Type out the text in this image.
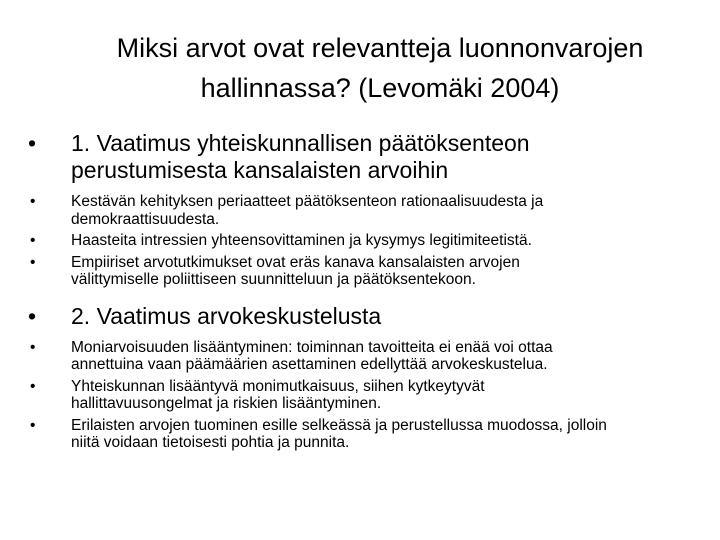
Miksi arvot ovat relevantteja luonnonvarojen
hallinnassa? (Levomäki 2004)
• 1. Vaatimus yhteiskunnallisen päätöksenteon
perustumisesta kansalaisten arvoihin
• Kestävän kehityksen periaatteet päätöksenteon rationaalisuudesta ja
demokraattisuudesta.
• Haasteita intressien yhteensovittaminen ja kysymys legitimiteetistä.
• Empiiriset arvotutkimukset ovat eräs kanava kansalaisten arvojen
välittymiselle poliittiseen suunnitteluun ja päätöksentekoon.
• 2. Vaatimus arvokeskustelusta
• Moniarvoisuuden lisääntyminen: toiminnan tavoitteita ei enää voi ottaa
annettuina vaan päämäärien asettaminen edellyttää arvokeskustelua.
• Yhteiskunnan lisääntyvä monimutkaisuus, siihen kytkeytyvät
hallittavuusongelmat ja riskien lisääntyminen.
• Erilaisten arvojen tuominen esille selkeässä ja perustellussa muodossa, jolloin
niitä voidaan tietoisesti pohtia ja punnita.
